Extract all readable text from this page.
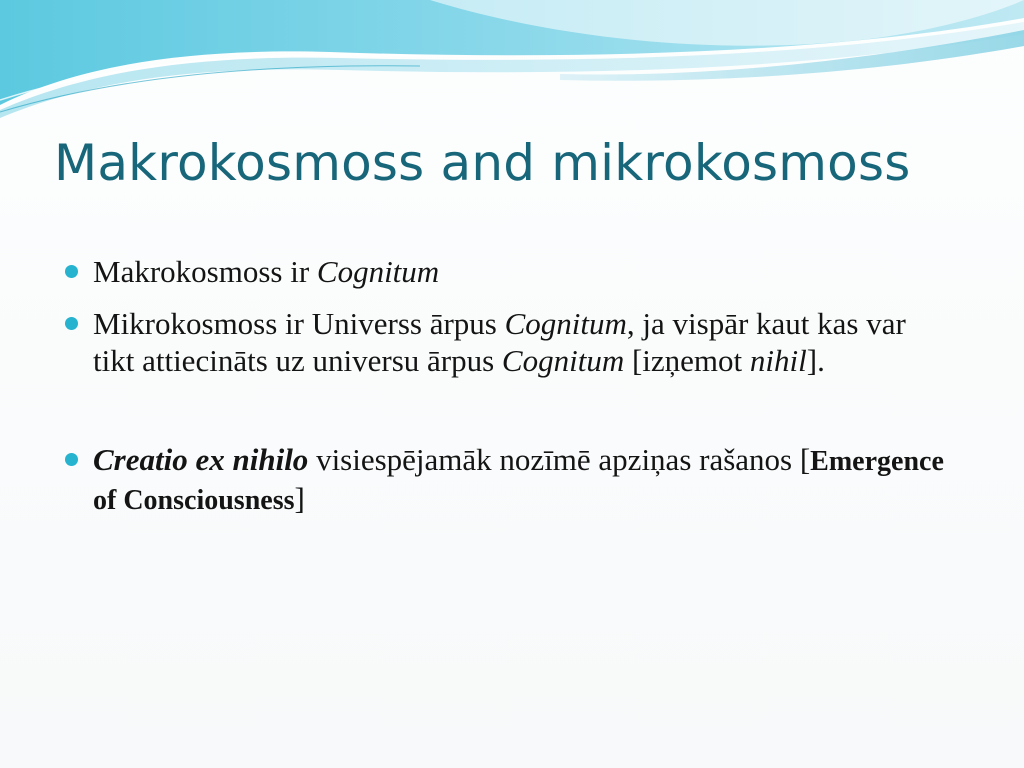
Makrokosmoss and mikrokosmoss
Makrokosmoss ir Cognitum
Mikrokosmoss ir Universs ārpus Cognitum, ja vispār kaut kas var tikt attiecināts uz universu ārpus Cognitum [izņemot nihil].
Creatio ex nihilo visiespējamāk nozīmē apziņas rašanos [Emergence of Consciousness]
